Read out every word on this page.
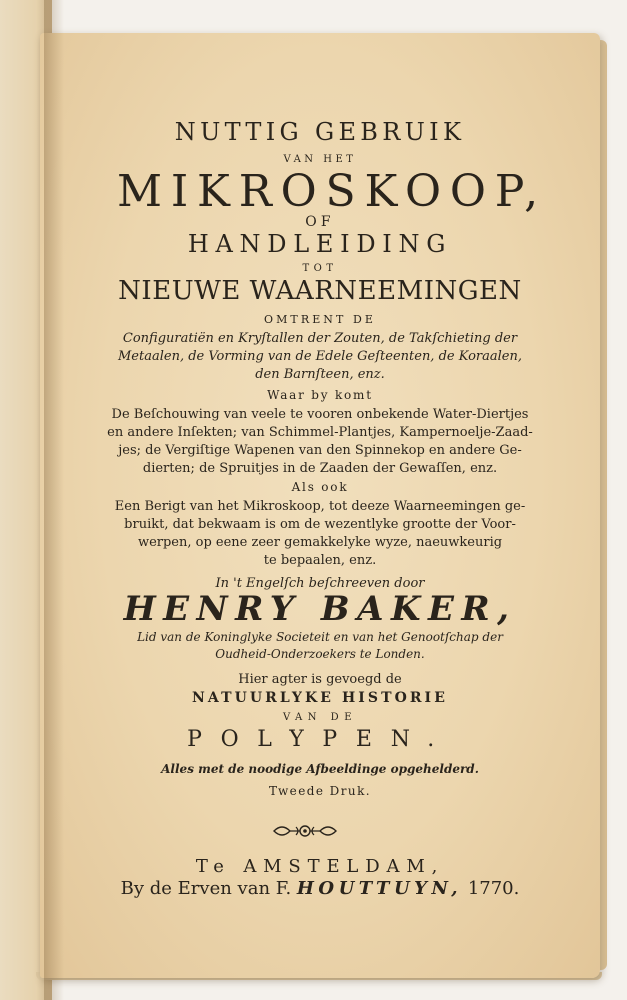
NUTTIG GEBRUIK

VAN HET

MIKROSKOOP,

OF

HANDLEIDING

TOT

NIEUWE WAARNEEMINGEN

OMTRENT DE

Configuratiën en Kryſtallen der Zouten, de Takſchieting der

Metaalen, de Vorming van de Edele Geſteenten, de Koraalen,

den Barnſteen, enz.

Waar by komt

De Beſchouwing van veele te vooren onbekende Water-Diertjes

en andere Inſekten; van Schimmel-Plantjes, Kampernoelje-Zaad-

jes; de Vergiſtige Wapenen van den Spinnekop en andere Ge-

dierten; de Spruitjes in de Zaaden der Gewaſſen, enz.

Als ook

Een Berigt van het Mikroskoop, tot deeze Waarneemingen ge-

bruikt, dat bekwaam is om de wezentlyke grootte der Voor-

werpen, op eene zeer gemakkelyke wyze, naeuwkeurig

te bepaalen, enz.

In 't Engelſch beſchreeven door

HENRY BAKER,

Lid van de Koninglyke Societeit en van het Genootſchap der

Oudheid-Onderzoekers te Londen.

Hier agter is gevoegd de

NATUURLYKE HISTORIE

VAN DE

POLYPEN.

Alles met de noodige Afbeeldinge opgehelderd.

Tweede Druk.

Te AMSTELDAM,

By de Erven van F. HOUTTUYN, 1770.
